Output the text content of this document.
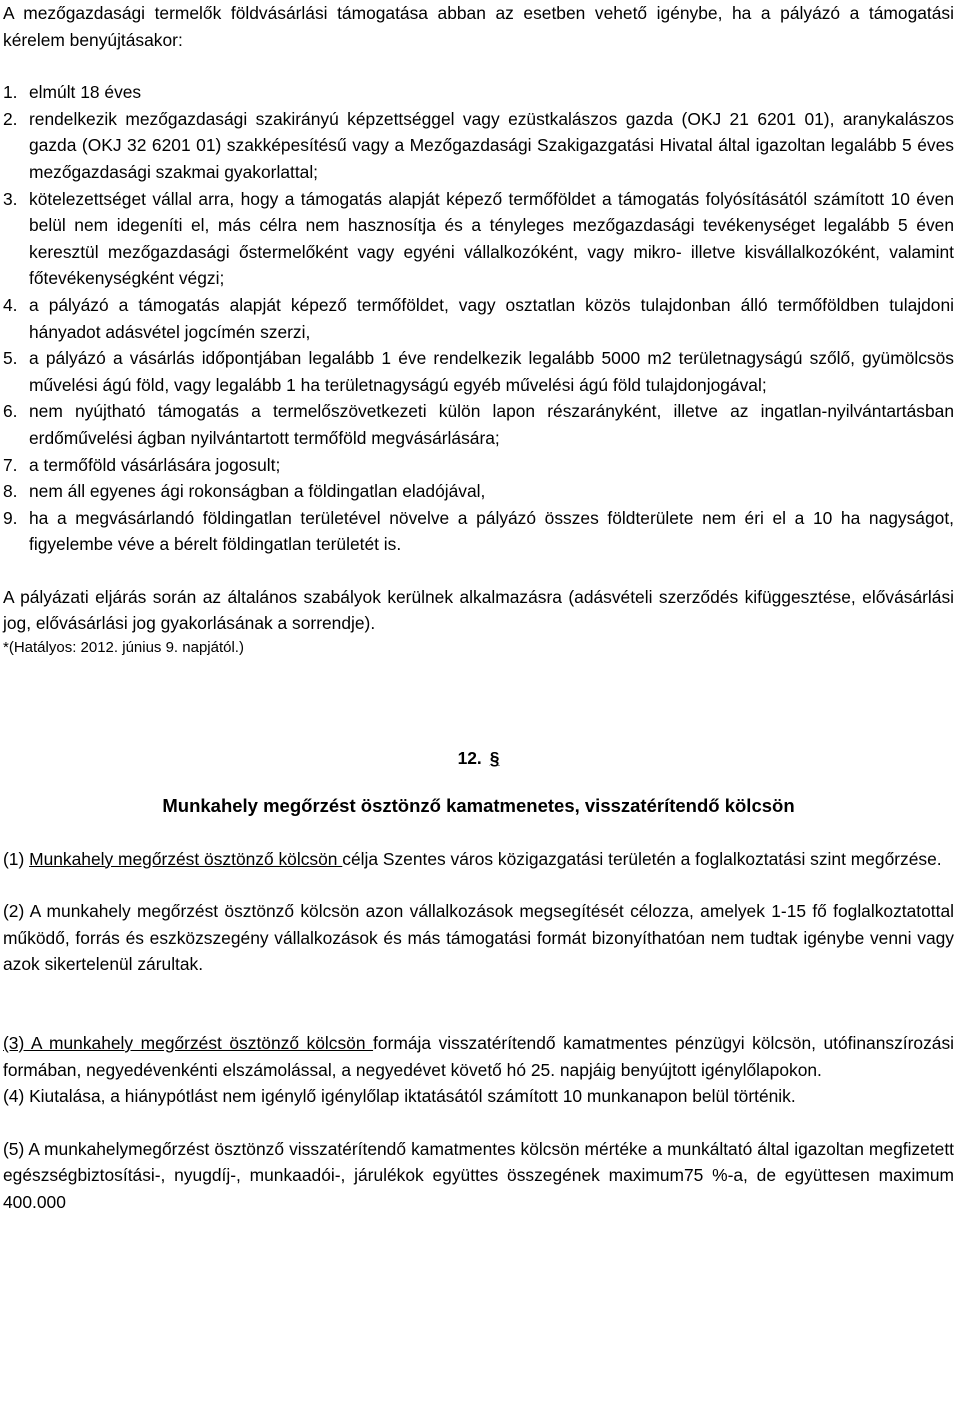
A mezőgazdasági termelők földvásárlási támogatása abban az esetben vehető igénybe, ha a pályázó a támogatási kérelem benyújtásakor:

1. elmúlt 18 éves
2. rendelkezik mezőgazdasági szakirányú képzettséggel vagy ezüstkalászos gazda (OKJ 21 6201 01), aranykalászos gazda (OKJ 32 6201 01) szakképesítésű vagy a Mezőgazdasági Szakigazgatási Hivatal által igazoltan legalább 5 éves mezőgazdasági szakmai gyakorlattal;
3. kötelezettséget vállal arra, hogy a támogatás alapját képező termőföldet a támogatás folyósításától számított 10 éven belül nem idegeníti el, más célra nem hasznosítja és a tényleges mezőgazdasági tevékenységet legalább 5 éven keresztül mezőgazdasági őstermelőként vagy egyéni vállalkozóként, vagy mikro- illetve kisvállalkozóként, valamint főtevékenységként végzi;
4. a pályázó a támogatás alapját képező termőföldet, vagy osztatlan közös tulajdonban álló termőföldben tulajdoni hányadot adásvétel jogcímén szerzi,
5. a pályázó a vásárlás időpontjában legalább 1 éve rendelkezik legalább 5000 m2 területnagyságú szőlő, gyümölcsös művelési ágú föld, vagy legalább 1 ha területnagyságú egyéb művelési ágú föld tulajdonjogával;
6. nem nyújtható támogatás a termelőszövetkezeti külön lapon részarányként, illetve az ingatlan-nyilvántartásban erdőművelési ágban nyilvántartott termőföld megvásárlására;
7. a termőföld vásárlására jogosult;
8. nem áll egyenes ági rokonságban a földingatlan eladójával,
9. ha a megvásárlandó földingatlan területével növelve a pályázó összes földterülete nem éri el a 10 ha nagyságot, figyelembe véve a bérelt földingatlan területét is.

A pályázati eljárás során az általános szabályok kerülnek alkalmazásra (adásvételi szerződés kifüggesztése, elővásárlási jog, elővásárlási jog gyakorlásának a sorrendje).

*(Hatályos: 2012. június 9. napjától.)

12. §
Munkahely megőrzést ösztönző kamatmenetes, visszatérítendő kölcsön

(1) Munkahely megőrzést ösztönző kölcsön célja Szentes város közigazgatási területén a foglalkoztatási szint megőrzése.

(2) A munkahely megőrzést ösztönző kölcsön azon vállalkozások megsegítését célozza, amelyek 1-15 fő foglalkoztatottal működő, forrás és eszközszegény vállalkozások és más támogatási formát bizonyíthatóan nem tudtak igénybe venni vagy azok sikertelenül zárultak.

(3) A munkahely megőrzést ösztönző kölcsön formája visszatérítendő kamatmentes pénzügyi kölcsön, utófinanszírozási formában, negyedévenkénti elszámolással, a negyedévet követő hó 25. napjáig benyújtott igénylőlapokon.

(4) Kiutalása, a hiánypótlást nem igénylő igénylőlap iktatásától számított 10 munkanapon belül történik.

(5) A munkahelymegőrzést ösztönző visszatérítendő kamatmentes kölcsön mértéke a munkáltató által igazoltan megfizetett egészségbiztosítási-, nyugdíj-, munkaadói-, járulékok együttes összegének maximum75 %-a, de együttesen maximum 400.000
